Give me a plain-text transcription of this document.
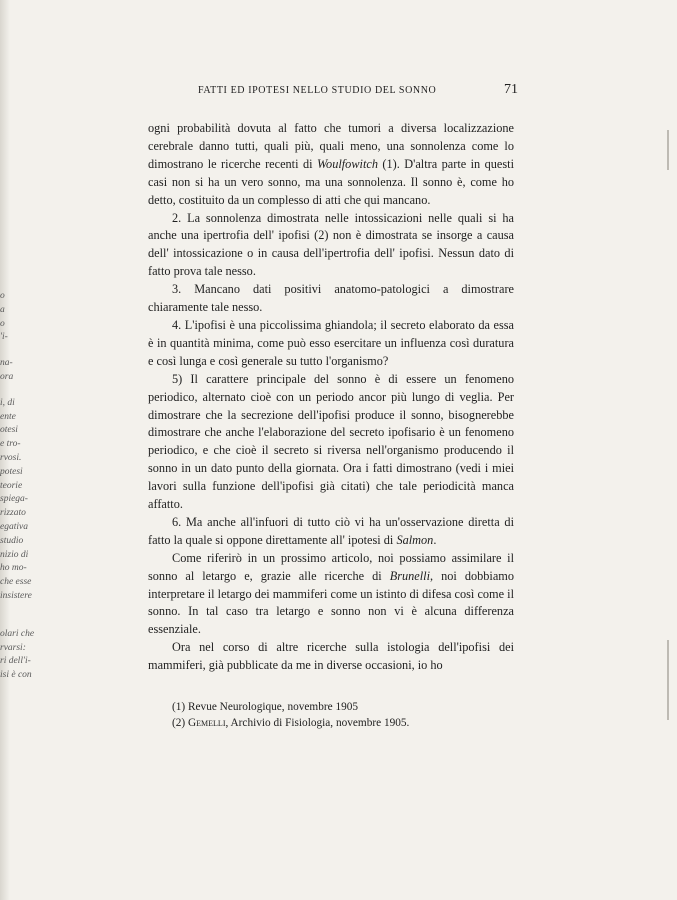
o
a
o
'i-
na-
ora
i, di
ente
otesi
e tro-
rvosi.
potesi
teorie
spiega-
rizzato
egativa
studio
nizio di
ho mo-
che esse
insistere
olari che
rvarsi:
ri dell'i-
isi è con
FATTI ED IPOTESI NELLO STUDIO DEL SONNO	71

ogni probabilità dovuta al fatto che tumori a diversa localizzazione cerebrale danno tutti, quali più, quali meno, una sonnolenza come lo dimostrano le ricerche recenti di Woulfowitch (1). D'altra parte in questi casi non si ha un vero sonno, ma una sonnolenza. Il sonno è, come ho detto, costituito da un complesso di atti che qui mancano.

2. La sonnolenza dimostrata nelle intossicazioni nelle quali si ha anche una ipertrofia dell' ipofisi (2) non è dimostrata se insorge a causa dell' intossicazione o in causa dell'ipertrofia dell' ipofisi. Nessun dato di fatto prova tale nesso.

3. Mancano dati positivi anatomo-patologici a dimostrare chiaramente tale nesso.

4. L'ipofisi è una piccolissima ghiandola; il secreto elaborato da essa è in quantità minima, come può esso esercitare un influenza così duratura e così lunga e così generale su tutto l'organismo?

5) Il carattere principale del sonno è di essere un fenomeno periodico, alternato cioè con un periodo ancor più lungo di veglia. Per dimostrare che la secrezione dell'ipofisi produce il sonno, bisognerebbe dimostrare che anche l'elaborazione del secreto ipofisario è un fenomeno periodico, e che cioè il secreto si riversa nell'organismo producendo il sonno in un dato punto della giornata. Ora i fatti dimostrano (vedi i miei lavori sulla funzione dell'ipofisi già citati) che tale periodicità manca affatto.

6. Ma anche all'infuori di tutto ciò vi ha un'osservazione diretta di fatto la quale si oppone direttamente all' ipotesi di Salmon.

Come riferirò in un prossimo articolo, noi possiamo assimilare il sonno al letargo e, grazie alle ricerche di Brunelli, noi dobbiamo interpretare il letargo dei mammiferi come un istinto di difesa così come il sonno. In tal caso tra letargo e sonno non vi è alcuna differenza essenziale.

Ora nel corso di altre ricerche sulla istologia dell'ipofisi dei mammiferi, già pubblicate da me in diverse occasioni, io ho

(1) Revue Neurologique, novembre 1905

(2) Gemelli, Archivio di Fisiologia, novembre 1905.
